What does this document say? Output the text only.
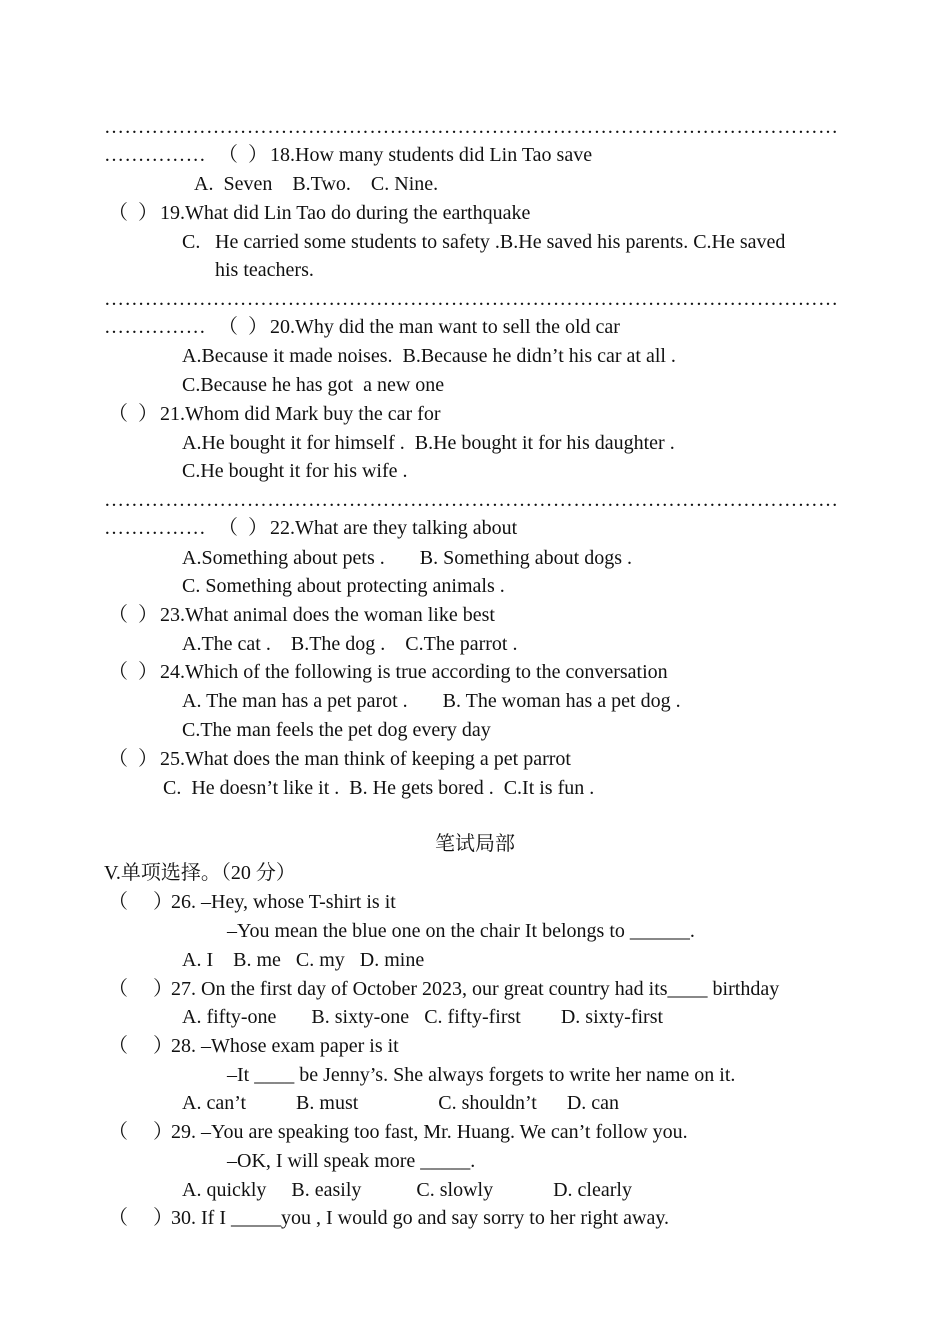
………………………………………………………………………………………………
…………… （  ） 18.How many students did Lin Tao save
A.  Seven    B.Two.    C. Nine.
（  ） 19.What did Lin Tao do during the earthquake
C. He carried some students to safety .B.He saved his parents. C.He saved
his teachers.
………………………………………………………………………………………………
…………… （  ） 20.Why did the man want to sell the old car
A.Because it made noises.  B.Because he didn’t his car at all .
C.Because he has got  a new one
（  ） 21.Whom did Mark buy the car for
A.He bought it for himself .  B.He bought it for his daughter .
C.He bought it for his wife .
………………………………………………………………………………………………
…………… （  ） 22.What are they talking about
A.Something about pets .       B. Something about dogs .
C. Something about protecting animals .
（  ） 23.What animal does the woman like best
A.The cat .    B.The dog .    C.The parrot .
（  ） 24.Which of the following is true according to the conversation
A. The man has a pet parot .       B. The woman has a pet dog .
C.The man feels the pet dog every day
（  ） 25.What does the man think of keeping a pet parrot
C.  He doesn’t like it .  B. He gets bored .  C.It is fun .
笔试局部
V.单项选择。（20 分）
（     ）
26. –Hey, whose T-shirt is it
–You mean the blue one on the chair It belongs to ______.
A. I    B. me   C. my   D. mine
（     ）
27. On the first day of October 2023, our great country had its____ birthday
A. fifty-one       B. sixty-one   C. fifty-first        D. sixty-first
（     ）
28. –Whose exam paper is it
–It ____ be Jenny’s. She always forgets to write her name on it.
A. can’t          B. must                C. shouldn’t      D. can
（     ）
29. –You are speaking too fast, Mr. Huang. We can’t follow you.
–OK, I will speak more _____.
A. quickly     B. easily           C. slowly            D. clearly
（     ）
30. If I _____you , I would go and say sorry to her right away.
